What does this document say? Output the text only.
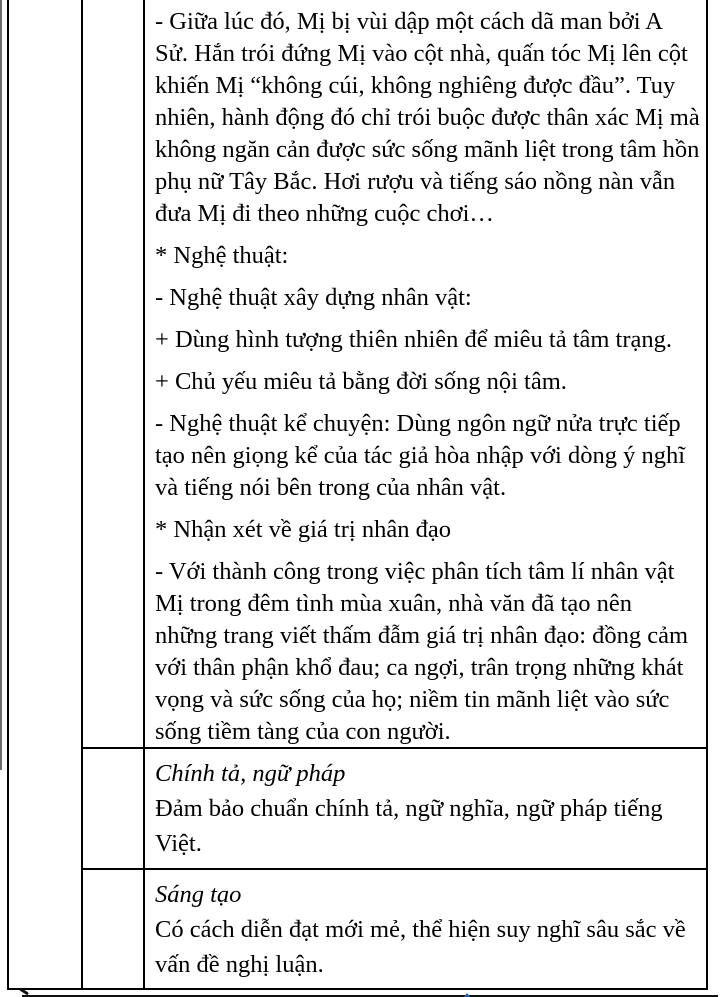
- Giữa lúc đó, Mị bị vùi dập một cách dã man bởi A Sử. Hắn trói đứng Mị vào cột nhà, quấn tóc Mị lên cột khiến Mị “không cúi, không nghiêng được đầu”. Tuy nhiên, hành động đó chỉ trói buộc được thân xác Mị mà không ngăn cản được sức sống mãnh liệt trong tâm hồn phụ nữ Tây Bắc. Hơi rượu và tiếng sáo nồng nàn vẫn đưa Mị đi theo những cuộc chơi…

* Nghệ thuật:

- Nghệ thuật xây dựng nhân vật:

+ Dùng hình tượng thiên nhiên để miêu tả tâm trạng.

+ Chủ yếu miêu tả bằng đời sống nội tâm.

- Nghệ thuật kể chuyện: Dùng ngôn ngữ nửa trực tiếp tạo nên giọng kể của tác giả hòa nhập với dòng ý nghĩ và tiếng nói bên trong của nhân vật.

* Nhận xét về giá trị nhân đạo

- Với thành công trong việc phân tích tâm lí nhân vật Mị trong đêm tình mùa xuân, nhà văn đã tạo nên những trang viết thấm đẫm giá trị nhân đạo: đồng cảm với thân phận khổ đau; ca ngợi, trân trọng những khát vọng và sức sống của họ; niềm tin mãnh liệt vào sức sống tiềm tàng của con người.

Chính tả, ngữ pháp

Đảm bảo chuẩn chính tả, ngữ nghĩa, ngữ pháp tiếng Việt.

Sáng tạo

Có cách diễn đạt mới mẻ, thể hiện suy nghĩ sâu sắc về vấn đề nghị luận.
